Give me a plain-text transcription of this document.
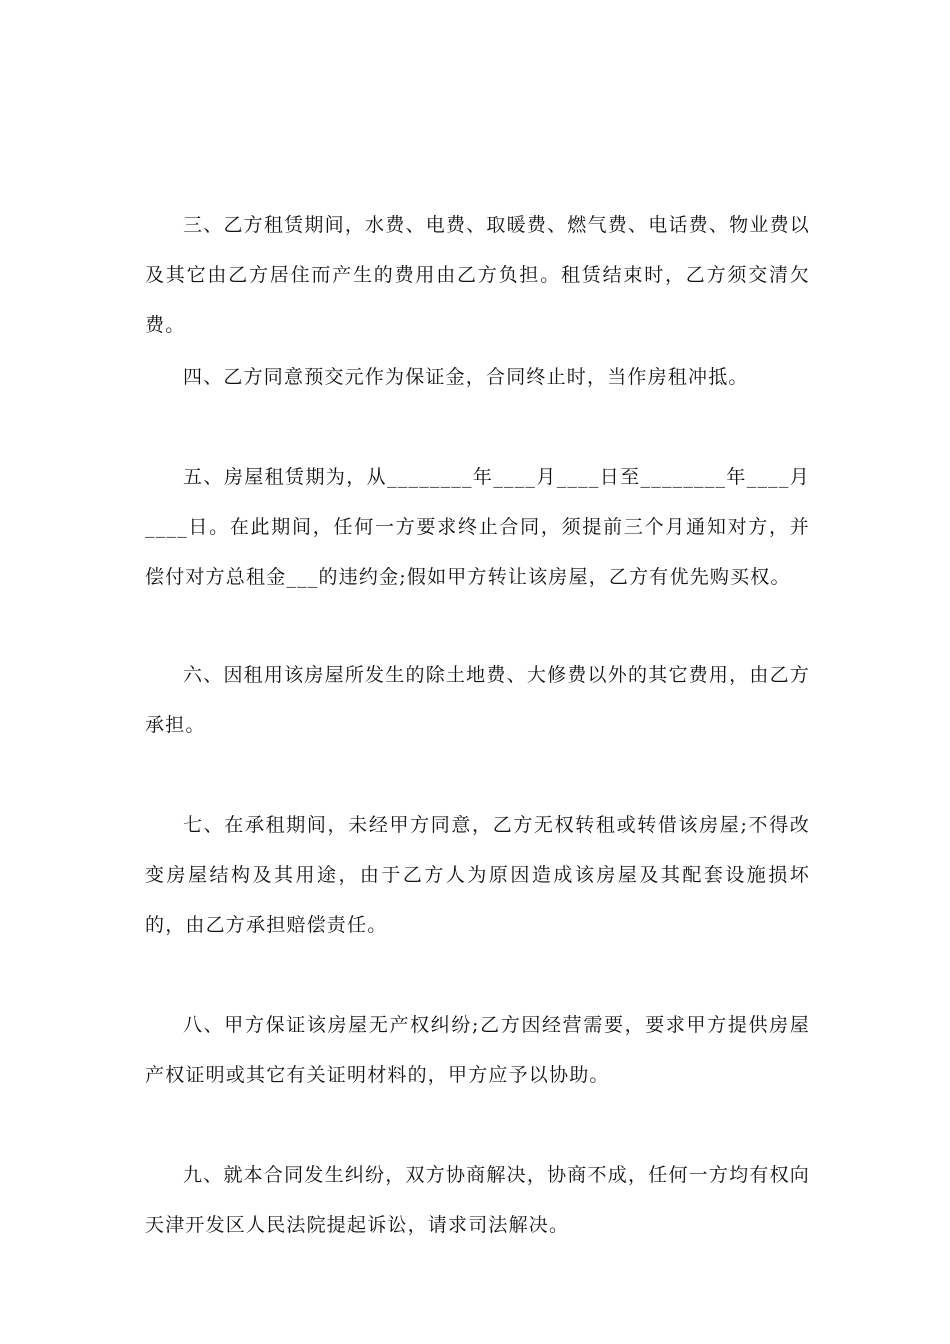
三、乙方租赁期间，水费、电费、取暖费、燃气费、电话费、物业费以及其它由乙方居住而产生的费用由乙方负担。租赁结束时，乙方须交清欠费。

四、乙方同意预交元作为保证金，合同终止时，当作房租冲抵。

五、房屋租赁期为，从________年____月____日至________年____月____日。在此期间，任何一方要求终止合同，须提前三个月通知对方，并偿付对方总租金___的违约金;假如甲方转让该房屋，乙方有优先购买权。

六、因租用该房屋所发生的除土地费、大修费以外的其它费用，由乙方承担。

七、在承租期间，未经甲方同意，乙方无权转租或转借该房屋;不得改变房屋结构及其用途，由于乙方人为原因造成该房屋及其配套设施损坏的，由乙方承担赔偿责任。

八、甲方保证该房屋无产权纠纷;乙方因经营需要，要求甲方提供房屋产权证明或其它有关证明材料的，甲方应予以协助。

九、就本合同发生纠纷，双方协商解决，协商不成，任何一方均有权向天津开发区人民法院提起诉讼，请求司法解决。
